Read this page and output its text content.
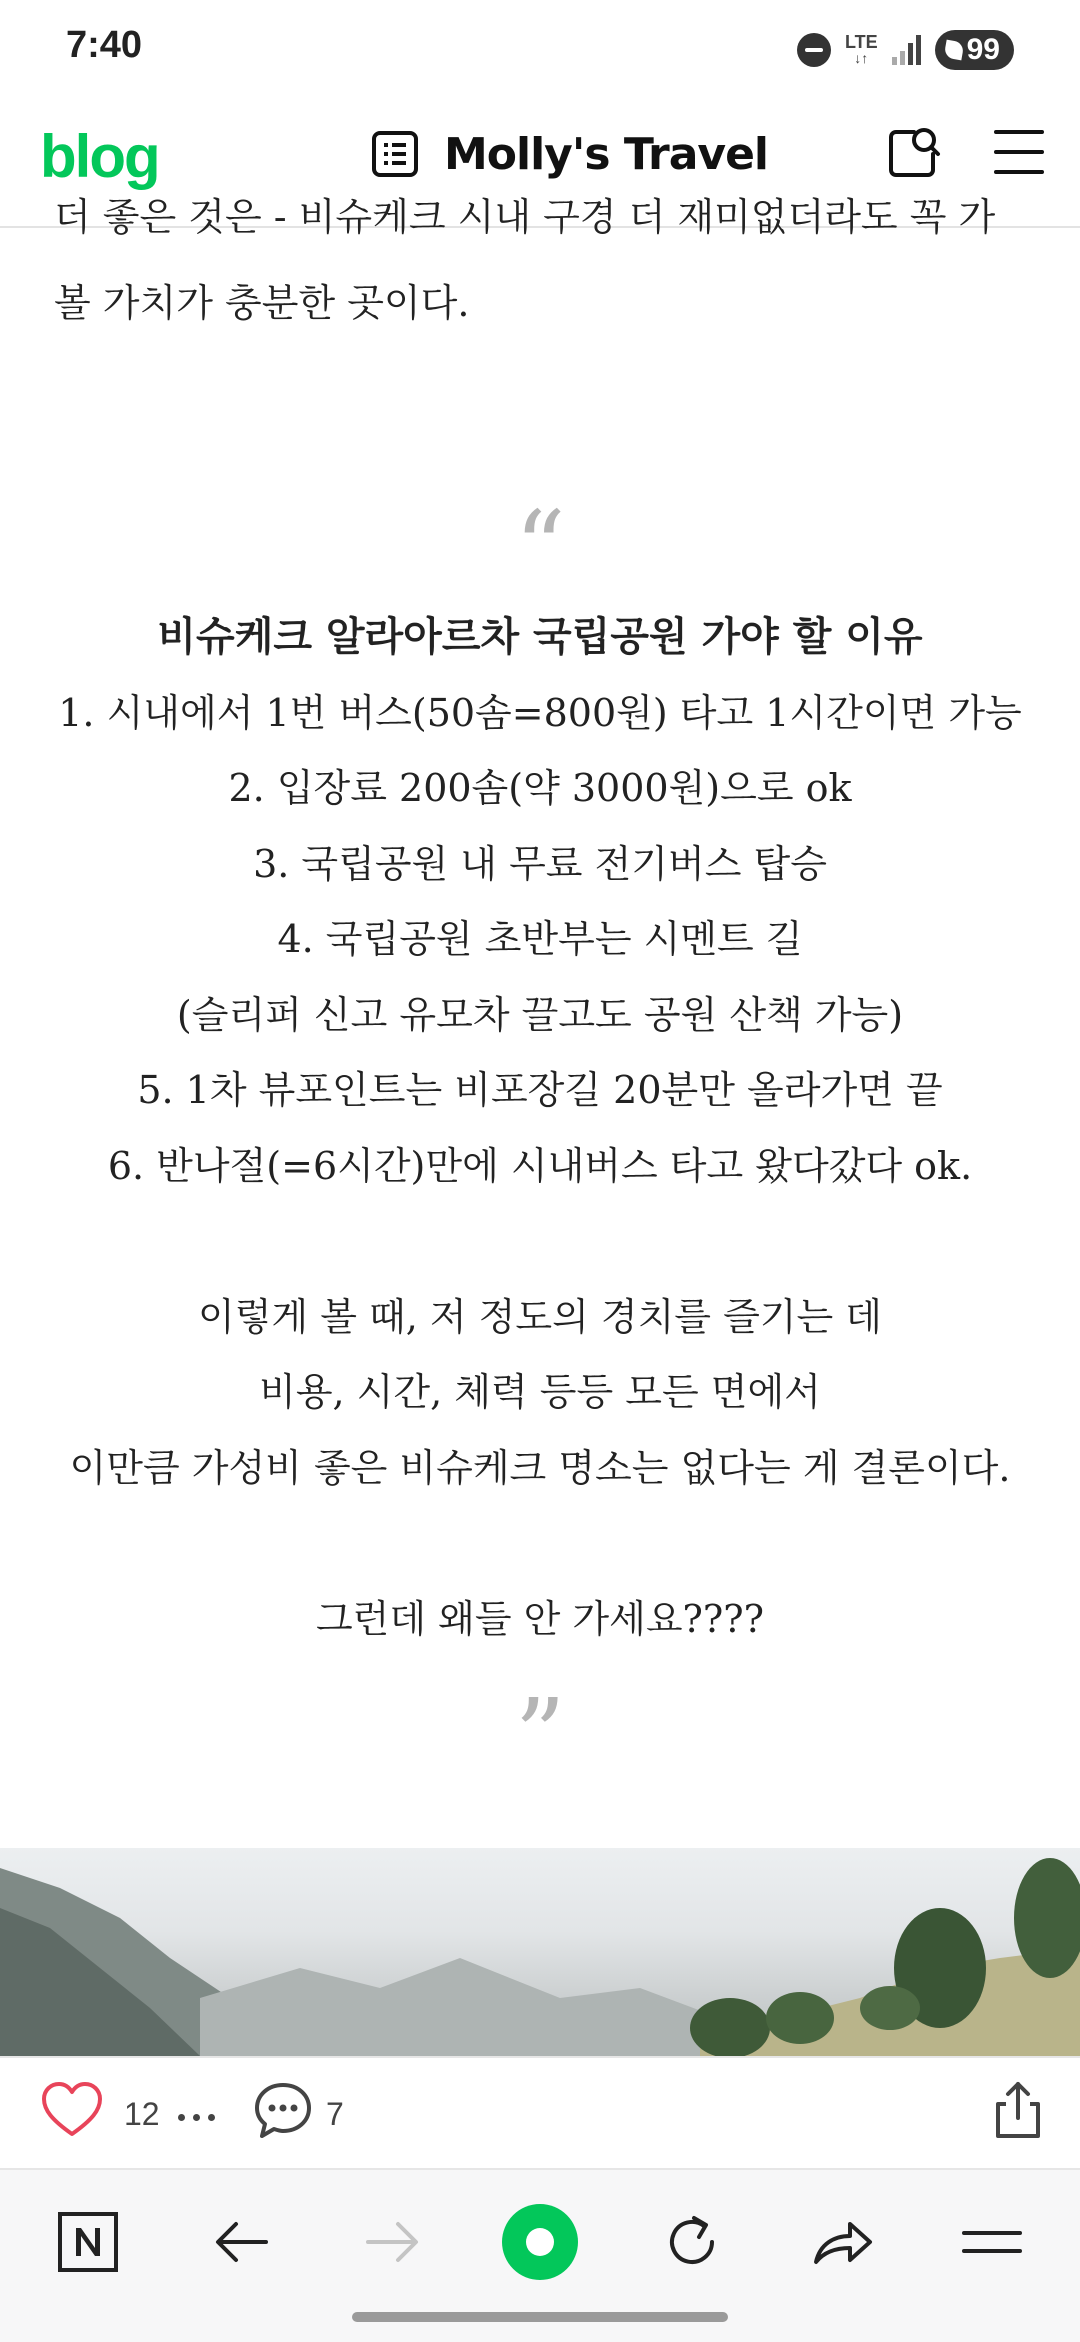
7:40	LTE
↓↑	99
blog	Molly's Travel
더 좋은 것은 - 비슈케크 시내 구경 더 재미없더라도 꼭 가
볼 가치가 충분한 곳이다.
“
비슈케크 알라아르차 국립공원 가야 할 이유
1. 시내에서 1번 버스(50솜=800원) 타고 1시간이면 가능
2. 입장료 200솜(약 3000원)으로 ok
3. 국립공원 내 무료 전기버스 탑승
4. 국립공원 초반부는 시멘트 길
(슬리퍼 신고 유모차 끌고도 공원 산책 가능)
5. 1차 뷰포인트는 비포장길 20분만 올라가면 끝
6. 반나절(=6시간)만에 시내버스 타고 왔다갔다 ok.
이렇게 볼 때, 저 정도의 경치를 즐기는 데
비용, 시간, 체력 등등 모든 면에서
이만큼 가성비 좋은 비슈케크 명소는 없다는 게 결론이다.
그런데 왜들 안 가세요????
”
12	7
